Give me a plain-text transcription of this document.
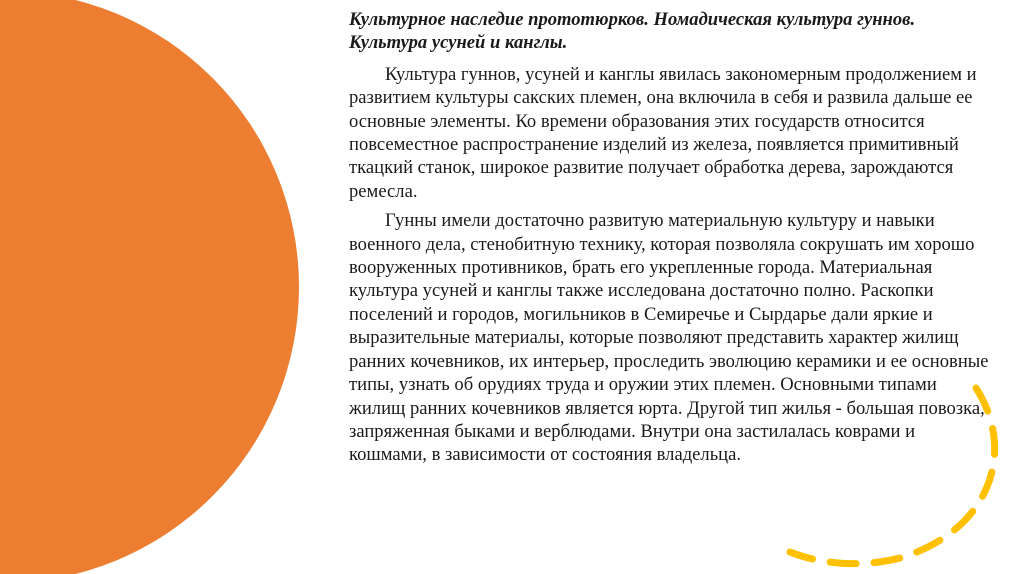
Культурное наследие прототюрков. Номадическая культура гуннов. Культура усуней и канглы.

Культура гуннов, усуней и канглы явилась закономерным продолжением и развитием культуры сакских племен, она включила в себя и развила дальше ее основные элементы. Ко времени образования этих государств относится повсеместное распространение изделий из железа, появляется примитивный ткацкий станок, широкое развитие получает обработка дерева, зарождаются ремесла.

Гунны имели достаточно развитую материальную культуру и навыки военного дела, стенобитную технику, которая позволяла сокрушать им хорошо вооруженных противников, брать его укрепленные города. Материальная культура усуней и канглы также исследована достаточно полно. Раскопки поселений и городов, могильников в Семиречье и Сырдарье дали яркие и выразительные материалы, которые позволяют представить характер жилищ ранних кочевников, их интерьер, проследить эволюцию керамики и ее основные типы, узнать об орудиях труда и оружии этих племен. Основными типами жилищ ранних кочевников является юрта. Другой тип жилья - большая повозка, запряженная быками и верблюдами. Внутри она застилалась коврами и кошмами, в зависимости от состояния владельца.
